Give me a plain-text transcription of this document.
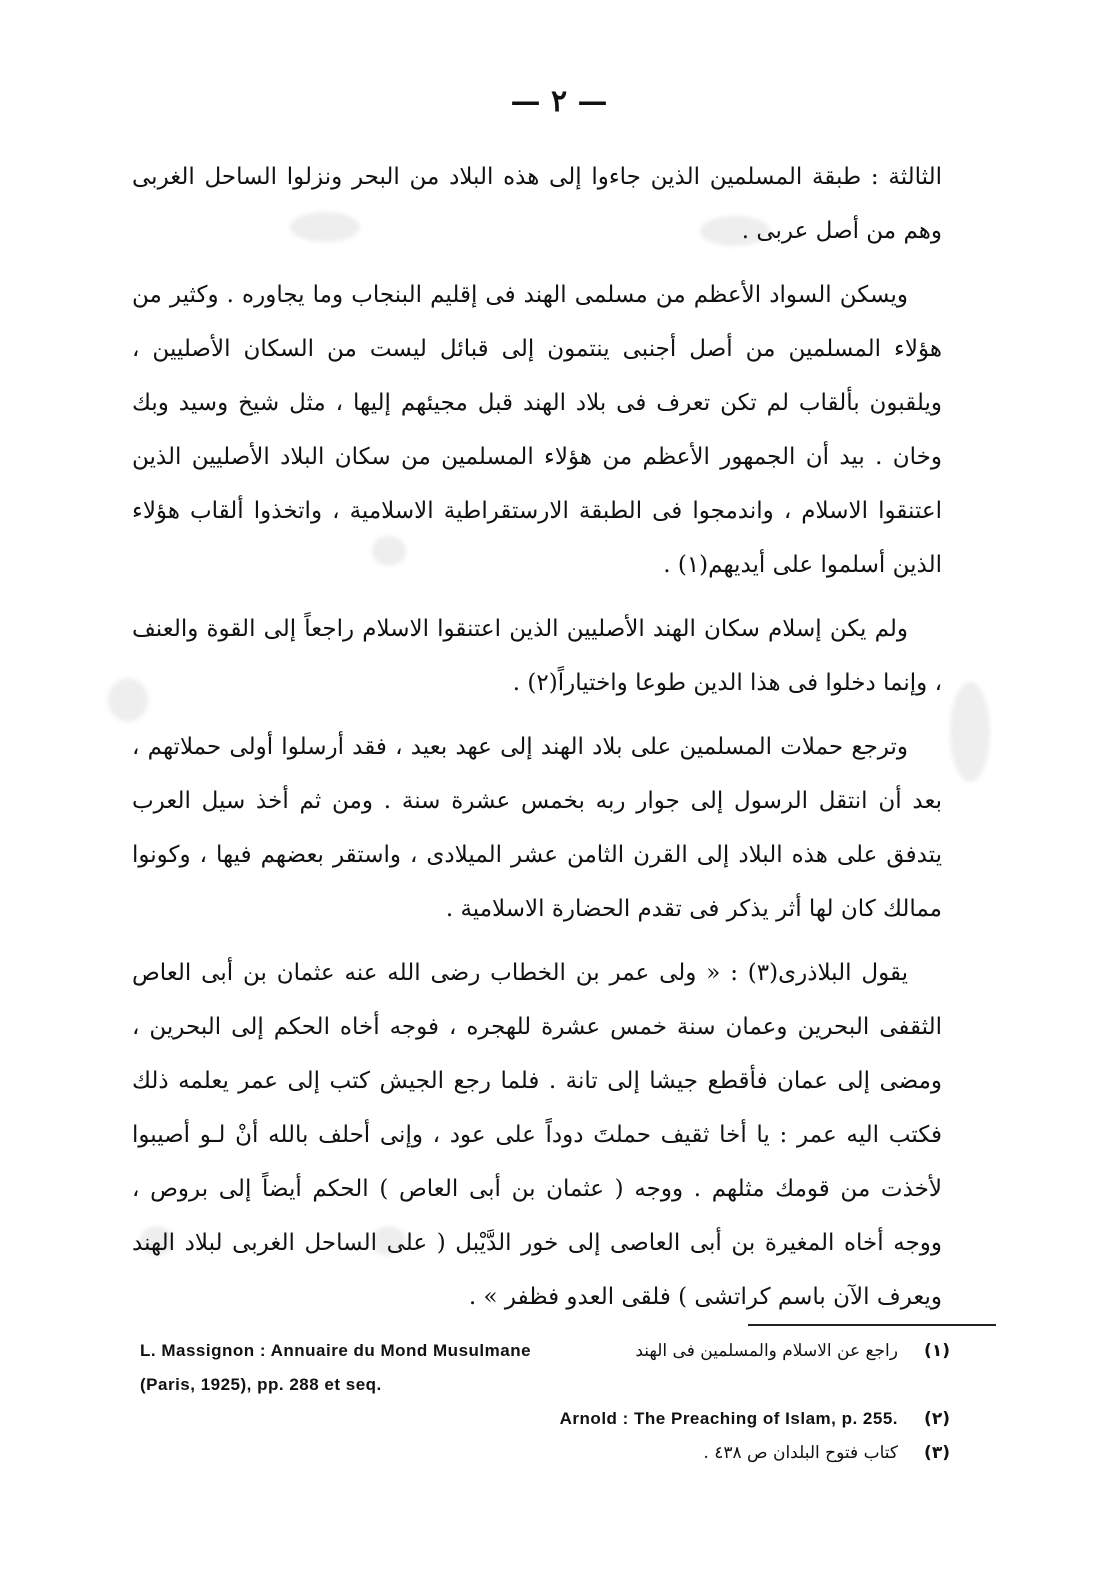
— ٢ —

الثالثة : طبقة المسلمين الذين جاءوا إلى هذه البلاد من البحر ونزلوا الساحل الغربى وهم من أصل عربى .

ويسكن السواد الأعظم من مسلمى الهند فى إقليم البنجاب وما يجاوره . وكثير من هؤلاء المسلمين من أصل أجنبى ينتمون إلى قبائل ليست من السكان الأصليين ، ويلقبون بألقاب لم تكن تعرف فى بلاد الهند قبل مجيئهم إليها ، مثل شيخ وسيد وبك وخان . بيد أن الجمهور الأعظم من هؤلاء المسلمين من سكان البلاد الأصليين الذين اعتنقوا الاسلام ، واندمجوا فى الطبقة الارستقراطية الاسلامية ، واتخذوا ألقاب هؤلاء الذين أسلموا على أيديهم(١) .

ولم يكن إسلام سكان الهند الأصليين الذين اعتنقوا الاسلام راجعاً إلى القوة والعنف ، وإنما دخلوا فى هذا الدين طوعا واختياراً(٢) .

وترجع حملات المسلمين على بلاد الهند إلى عهد بعيد ، فقد أرسلوا أولى حملاتهم ، بعد أن انتقل الرسول إلى جوار ربه بخمس عشرة سنة . ومن ثم أخذ سيل العرب يتدفق على هذه البلاد إلى القرن الثامن عشر الميلادى ، واستقر بعضهم فيها ، وكونوا ممالك كان لها أثر يذكر فى تقدم الحضارة الاسلامية .

يقول البلاذرى(٣) : « ولى عمر بن الخطاب رضى الله عنه عثمان بن أبى العاص الثقفى البحرين وعمان سنة خمس عشرة للهجره ، فوجه أخاه الحكم إلى البحرين ، ومضى إلى عمان فأقطع جيشا إلى تانة . فلما رجع الجيش كتب إلى عمر يعلمه ذلك فكتب اليه عمر : يا أخا ثقيف حملتَ دوداً على عود ، وإنى أحلف بالله أنْ لـو أصيبوا لأخذت من قومك مثلهم . ووجه ( عثمان بن أبى العاص ) الحكم أيضاً إلى بروص ، ووجه أخاه المغيرة بن أبى العاصى إلى خور الدَّيْبل ( على الساحل الغربى لبلاد الهند ويعرف الآن باسم كراتشى ) فلقى العدو فظفر » .

(١)
راجع عن الاسلام والمسلمين فى الهند
L. Massignon : Annuaire du Mond Musulmane
(Paris, 1925), pp. 288 et seq.
(٢)
Arnold : The Preaching of Islam, p. 255.
(٣)
كتاب فتوح البلدان ص ٤٣٨ .
